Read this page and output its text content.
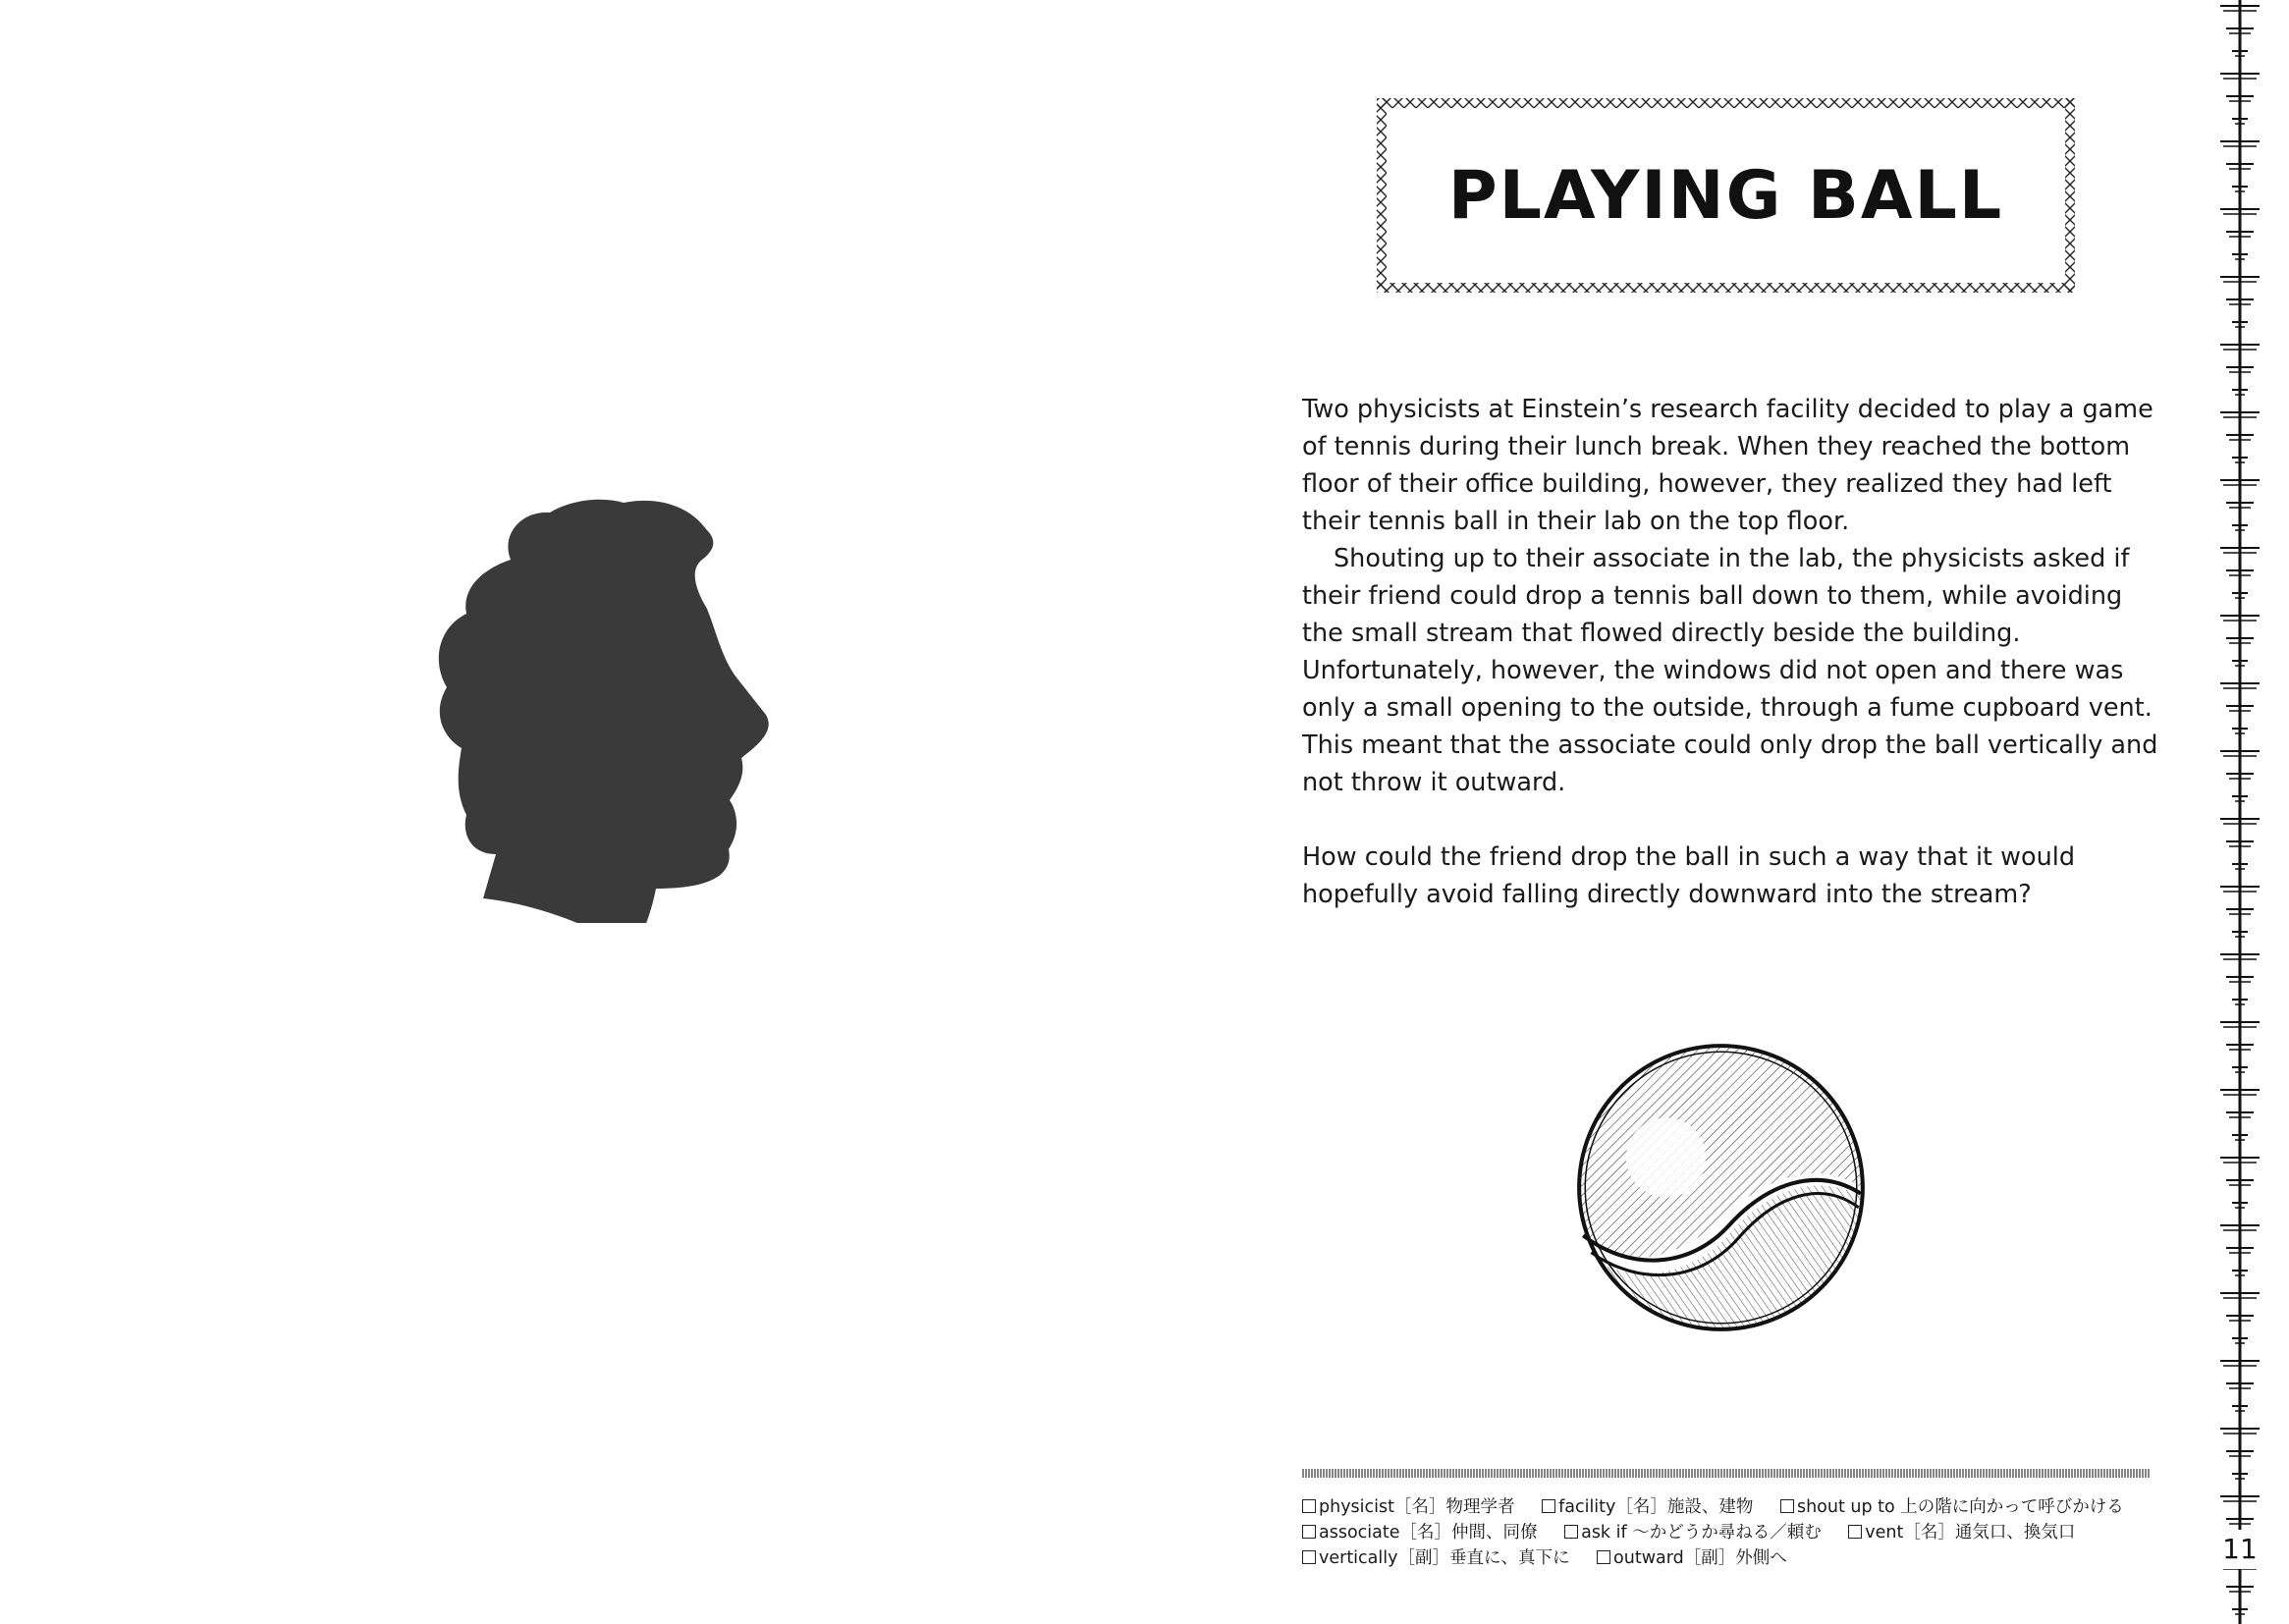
PLAYING BALL

Two physicists at Einstein’s research facility decided to play a game of tennis during their lunch break. When they reached the bottom floor of their office building, however, they realized they had left their tennis ball in their lab on the top floor.

Shouting up to their associate in the lab, the physicists asked if their friend could drop a tennis ball down to them, while avoiding the small stream that flowed directly beside the building. Unfortunately, however, the windows did not open and there was only a small opening to the outside, through a fume cupboard vent. This meant that the associate could only drop the ball vertically and not throw it outward.

How could the friend drop the ball in such a way that it would hopefully avoid falling directly downward into the stream?

physicist［名］物理学者	facility［名］施設、建物	shout up to 上の階に向かって呼びかける
associate［名］仲間、同僚	ask if ～かどうか尋ねる／頼む	vent［名］通気口、換気口
vertically［副］垂直に、真下に	outward［副］外側へ	11
